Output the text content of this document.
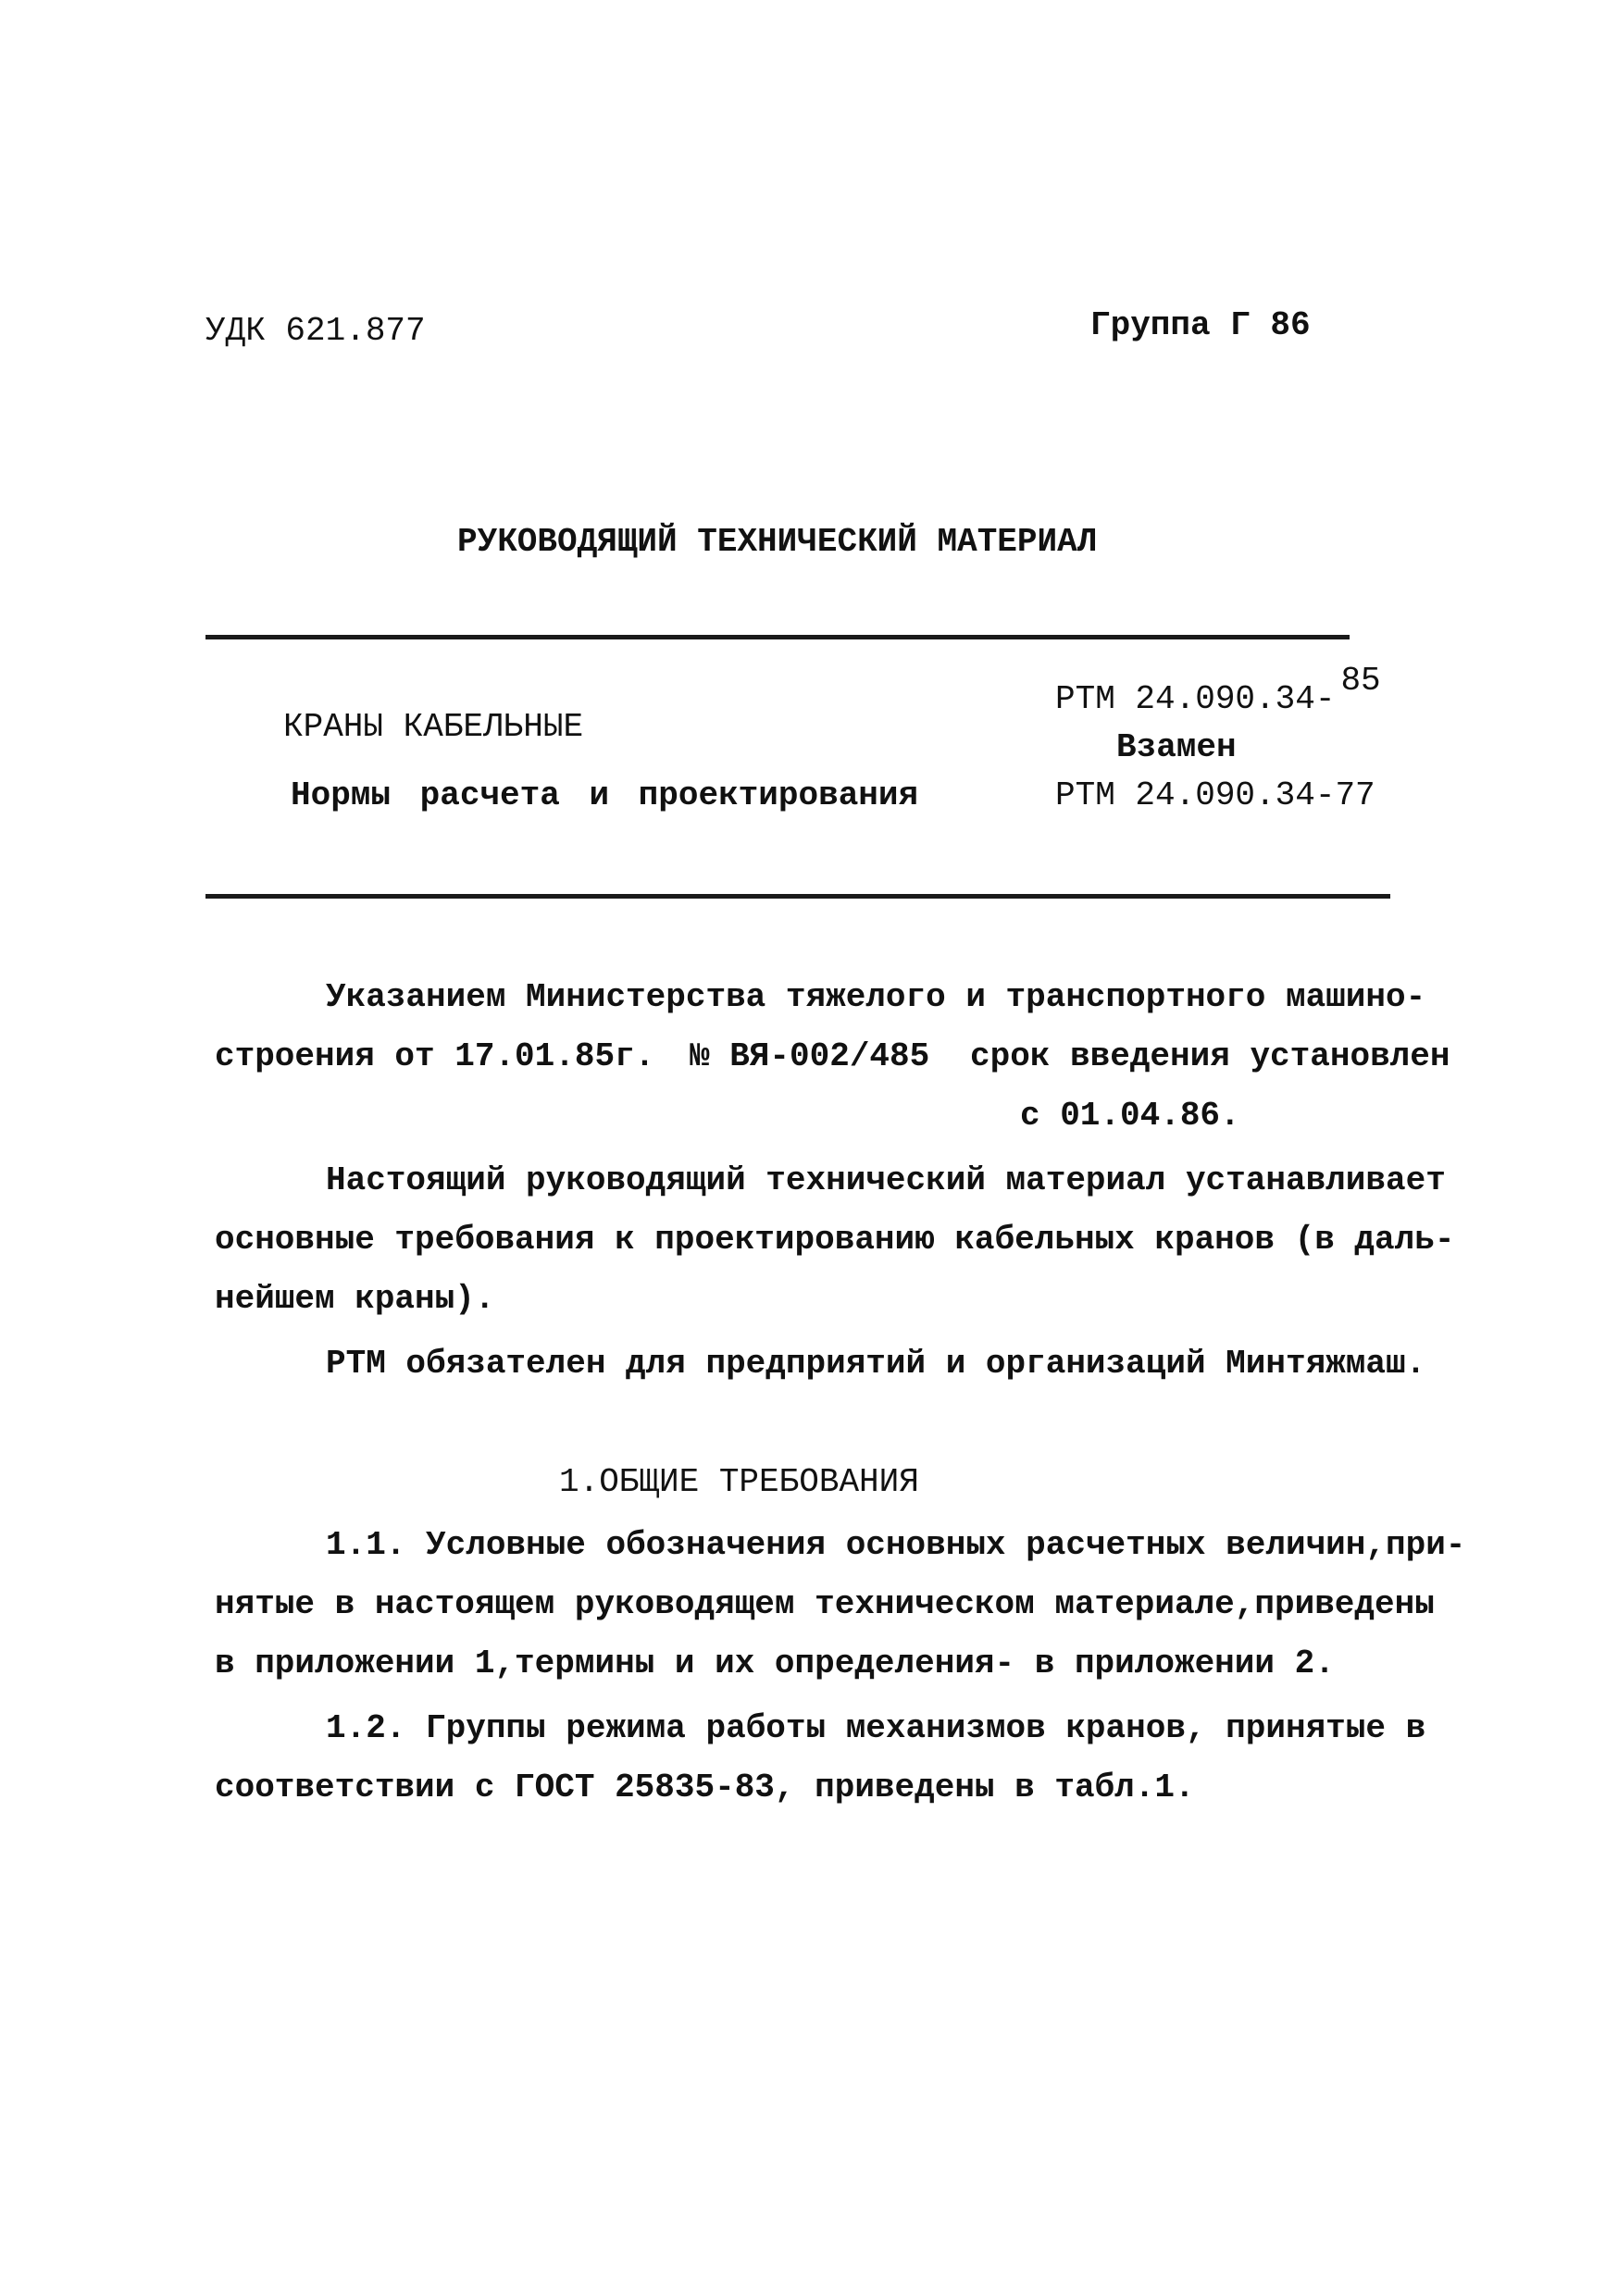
УДК 621.877	Группа Г 86
РУКОВОДЯЩИЙ ТЕХНИЧЕСКИЙ МАТЕРИАЛ
КРАНЫ КАБЕЛЬНЫЕ
Нормы расчета и проектирования
РТМ 24.090.34- 85
Взамен
РТМ 24.090.34-77
Указанием Министерства тяжелого и транспортного машино-
строения от 17.01.85г. № ВЯ-002/485 срок введения установлен
с 01.04.86.
Настоящий руководящий технический материал устанавливает
основные требования к проектированию кабельных кранов (в даль-
нейшем краны).
РТМ обязателен для предприятий и организаций Минтяжмаш.
1.ОБЩИЕ ТРЕБОВАНИЯ
1.1. Условные обозначения основных расчетных величин,при-
нятые в настоящем руководящем техническом материале,приведены
в приложении 1,термины и их определения- в приложении 2.
1.2. Группы режима работы механизмов кранов, принятые в
соответствии с ГОСТ 25835-83, приведены в табл.1.
